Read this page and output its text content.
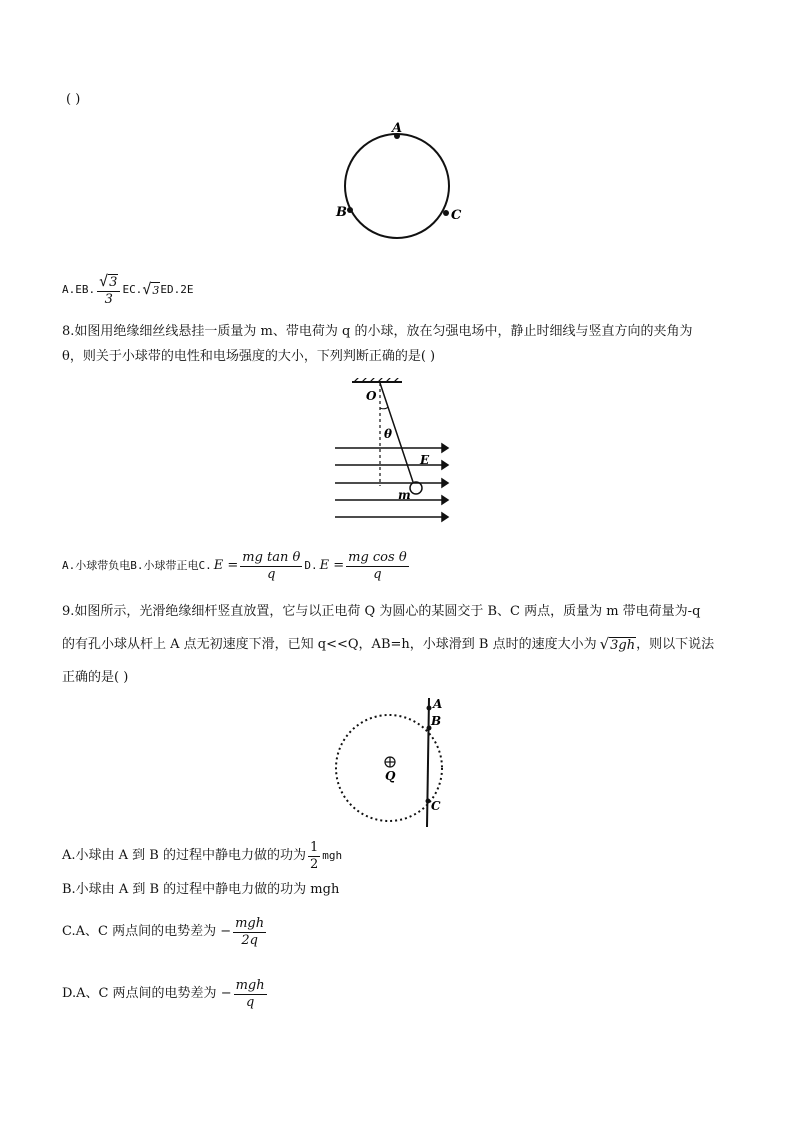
( )
A
B	C
A.E B. $\frac{√3}{3}$ E C. √3 E D.2E
8.如图用绝缘细丝线悬挂一质量为 m、带电荷为 q 的小球，放在匀强电场中，静止时细线与竖直方向的夹角为
θ，则关于小球带的电性和电场强度的大小，下列判断正确的是( )
O
θ
E
m
A.小球带负电 B.小球带正电 C. $E = \frac{\text{mg tan θ}}{q} D$. $E = \frac{\text{mg cos θ}}{q}$
9.如图所示，光滑绝缘细杆竖直放置，它与以正电荷 Q 为圆心的某圆交于 B、C 两点，质量为 m 带电荷量为-q
的有孔小球从杆上 A 点无初速度下滑，已知 q<<Q，AB=h，小球滑到 B 点时的速度大小为 √3gh ，则以下说法
正确的是( )
A
B
C
Q
A.小球由 A 到 B 的过程中静电力做的功为 $\frac{1}{2}$ mgh
B.小球由 A 到 B 的过程中静电力做的功为 mgh
C.A、C 两点间的电势差为 − $\frac{\text{mgh}}{2q}$
D.A、C 两点间的电势差为 − $\frac{\text{mgh}}{q}$
